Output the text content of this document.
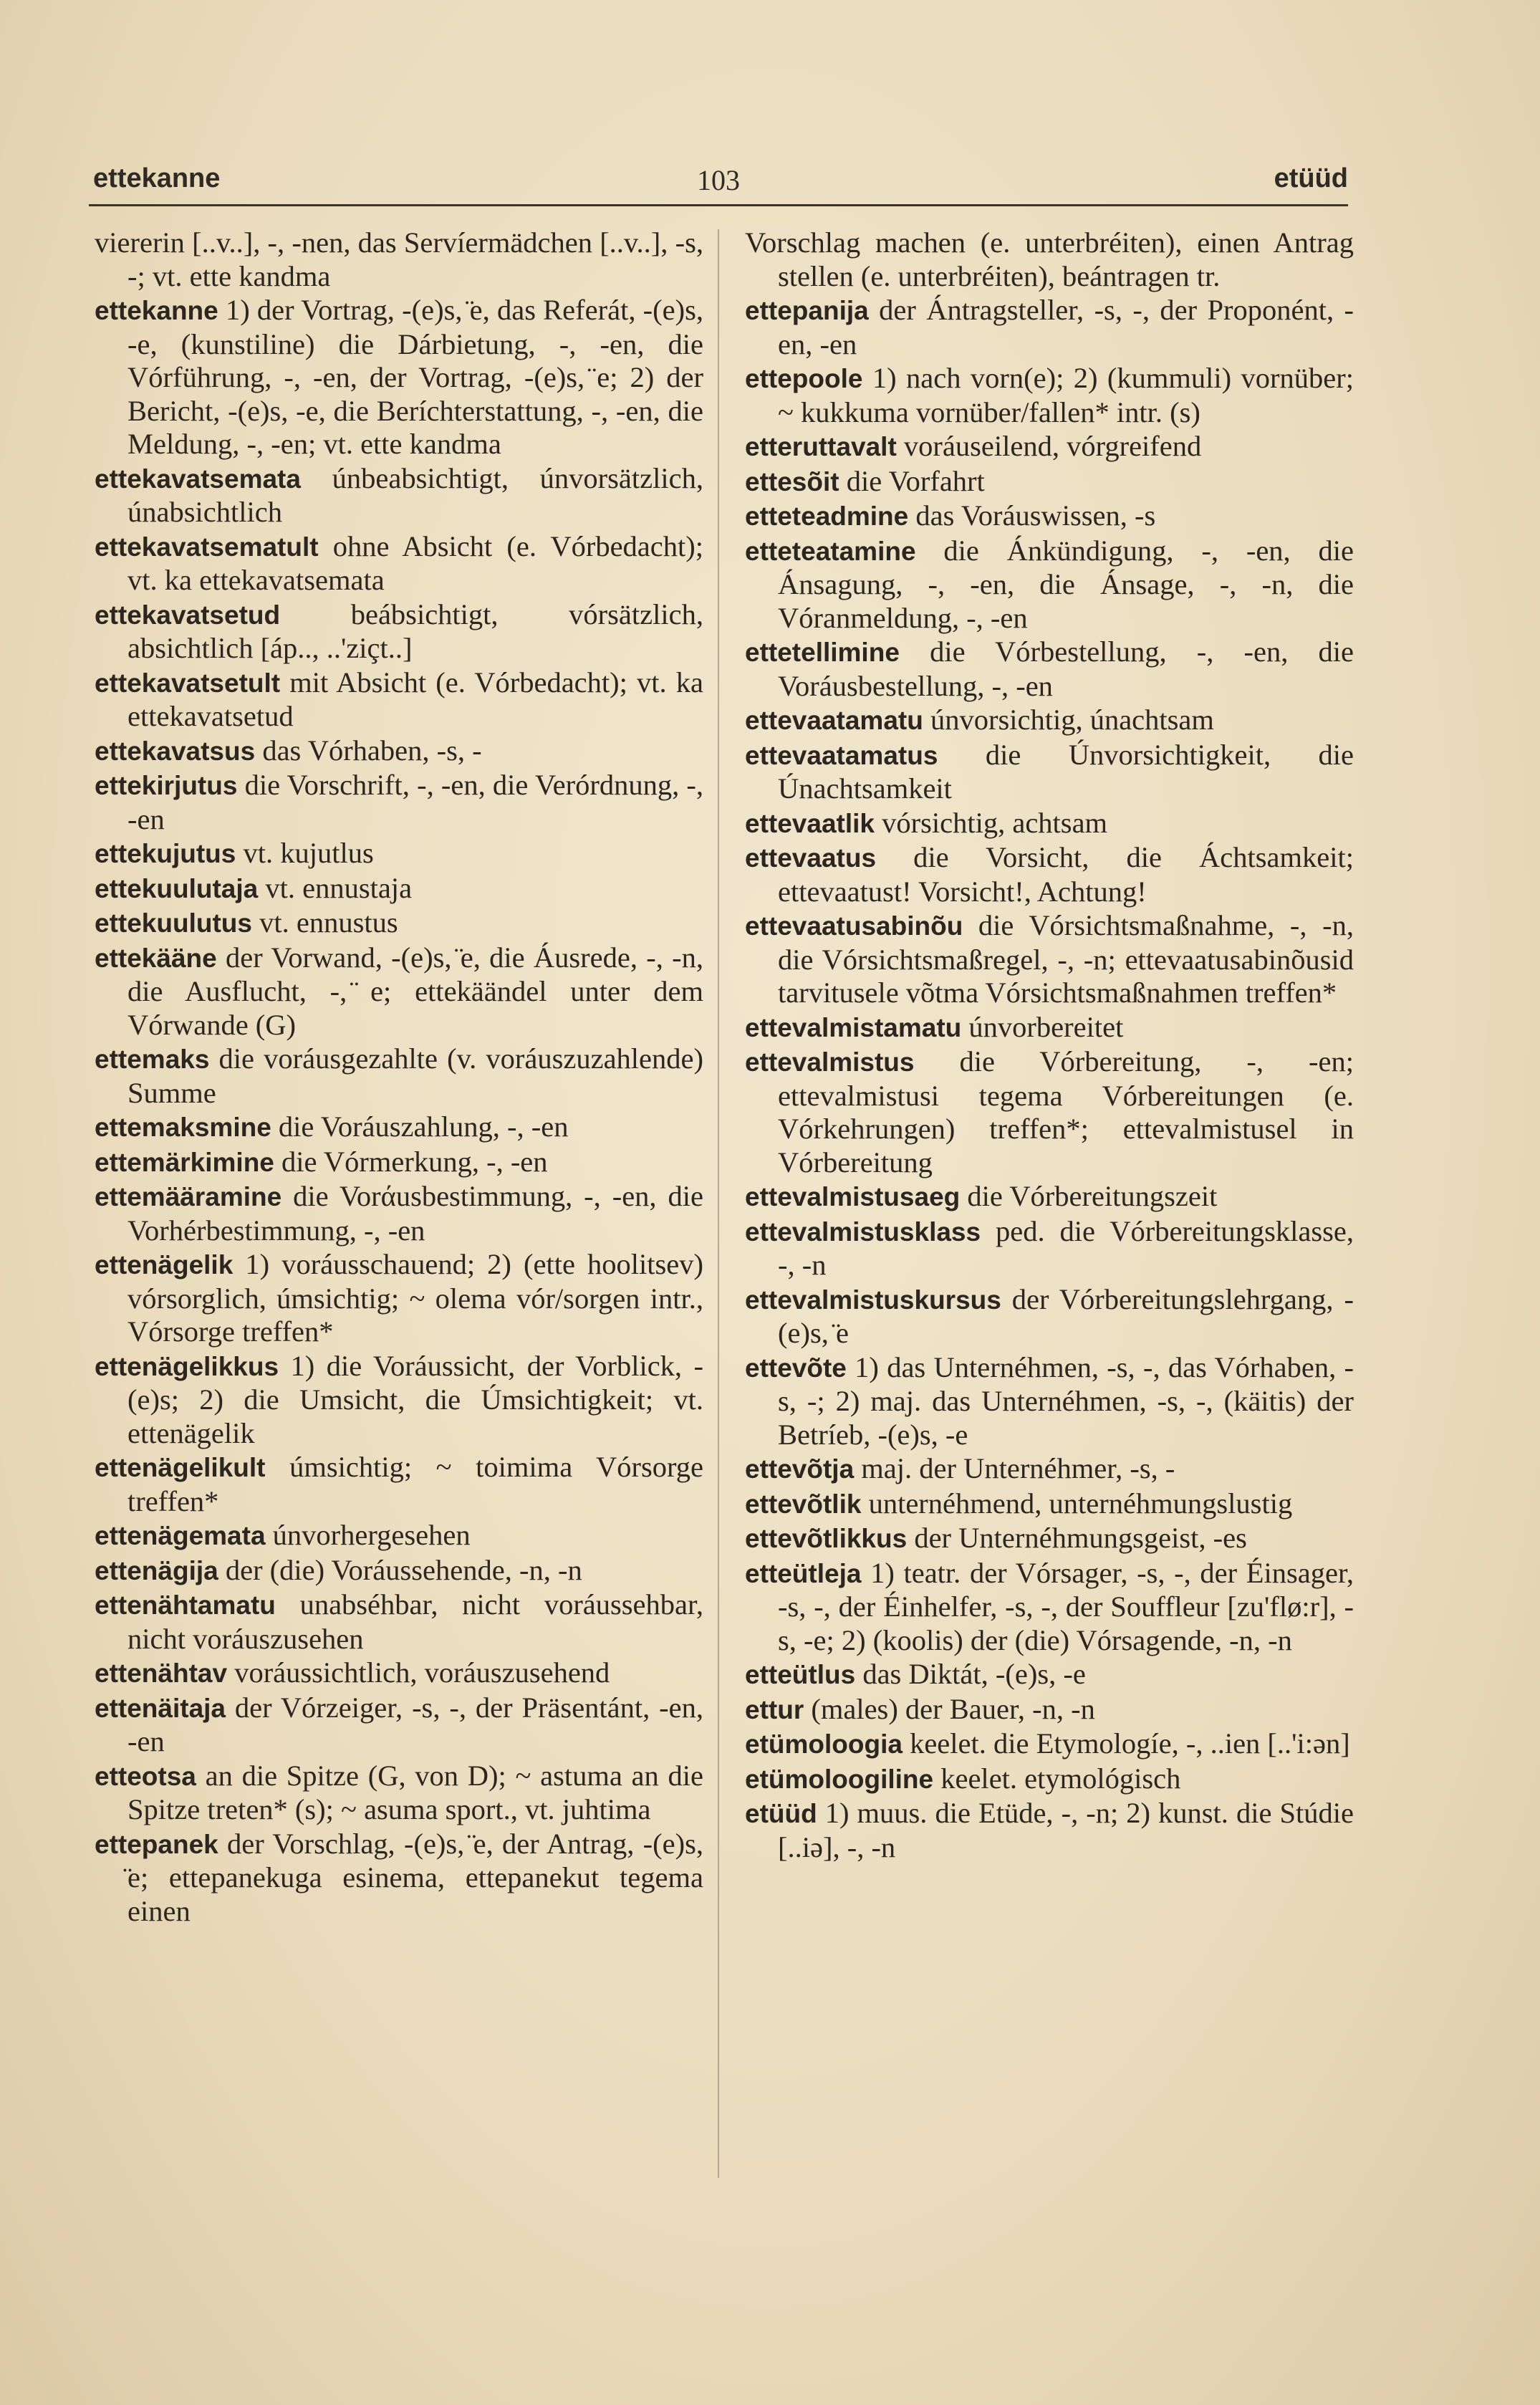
ettekanne	103	etüüd

viererin [..v..], -, -nen, das Servíermädchen [..v..], -s, -; vt. ette kandma

ettekanne 1) der Vortrag, -(e)s, ̈e, das Referát, -(e)s, -e, (kunstiline) die Dárbietung, -, -en, die Vórführung, -, -en, der Vortrag, -(e)s, ̈e; 2) der Bericht, -(e)s, -e, die Beríchterstattung, -, -en, die Meldung, -, -en; vt. ette kandma

ettekavatsemata únbeabsichtigt, únvorsätzlich, únabsichtlich

ettekavatsematult ohne Absicht (e. Vórbedacht); vt. ka ettekavatsemata

ettekavatsetud beábsichtigt, vórsätzlich, absichtlich [áp.., ..'ziçt..]

ettekavatsetult mit Absicht (e. Vórbedacht); vt. ka ettekavatsetud

ettekavatsus das Vórhaben, -s, -

ettekirjutus die Vorschrift, -, -en, die Verórdnung, -, -en

ettekujutus vt. kujutlus

ettekuulutaja vt. ennustaja

ettekuulutus vt. ennustus

ettekääne der Vorwand, -(e)s, ̈e, die Áusrede, -, -n, die Ausflucht, -, ̈e; ettekäändel unter dem Vórwande (G)

ettemaks die voráusgezahlte (v. voráuszuzahlende) Summe

ettemaksmine die Voráuszahlung, -, -en

ettemärkimine die Vórmerkung, -, -en

ettemääramine die Vorάusbestimmung, -, -en, die Vorhérbestimmung, -, -en

ettenägelik 1) voráusschauend; 2) (ette hoolitsev) vórsorglich, úmsichtig; ~ olema vór/sorgen intr., Vórsorge treffen*

ettenägelikkus 1) die Voráussicht, der Vorblick, -(e)s; 2) die Umsicht, die Úmsichtigkeit; vt. ettenägelik

ettenägelikult úmsichtig; ~ toimima Vórsorge treffen*

ettenägemata únvorhergesehen

ettenägija der (die) Voráussehende, -n, -n

ettenähtamatu unabséhbar, nicht voráussehbar, nicht voráuszusehen

ettenähtav voráussichtlich, voráuszusehend

ettenäitaja der Vórzeiger, -s, -, der Präsentánt, -en, -en

etteotsa an die Spitze (G, von D); ~ astuma an die Spitze treten* (s); ~ asuma sport., vt. juhtima

ettepanek der Vorschlag, -(e)s, ̈e, der Antrag, -(e)s, ̈e; ettepanekuga esinema, ettepanekut tegema einen

Vorschlag machen (e. unterbréiten), einen Antrag stellen (e. unterbréiten), beántragen tr.

ettepanija der Ántragsteller, -s, -, der Proponént, -en, -en

ettepoole 1) nach vorn(e); 2) (kummuli) vornüber; ~ kukkuma vornüber/fallen* intr. (s)

etteruttavalt voráuseilend, vórgreifend

ettesõit die Vorfahrt

etteteadmine das Voráuswissen, -s

etteteatamine die Ánkündigung, -, -en, die Ánsagung, -, -en, die Ánsage, -, -n, die Vóranmeldung, -, -en

ettetellimine die Vórbestellung, -, -en, die Voráusbestellung, -, -en

ettevaatamatu únvorsichtig, únachtsam

ettevaatamatus die Únvorsichtigkeit, die Únachtsamkeit

ettevaatlik vórsichtig, achtsam

ettevaatus die Vorsicht, die Áchtsamkeit; ettevaatust! Vorsicht!, Achtung!

ettevaatusabinõu die Vórsichtsmaßnahme, -, -n, die Vórsichtsmaßregel, -, -n; ettevaatusabinõusid tarvitusele võtma Vórsichtsmaßnahmen treffen*

ettevalmistamatu únvorbereitet

ettevalmistus die Vórbereitung, -, -en; ettevalmistusi tegema Vórbereitungen (e. Vórkehrungen) treffen*; ettevalmistusel in Vórbereitung

ettevalmistusaeg die Vórbereitungszeit

ettevalmistusklass ped. die Vórbereitungsklasse, -, -n

ettevalmistuskursus der Vórbereitungslehrgang, -(e)s, ̈e

ettevõte 1) das Unternéhmen, -s, -, das Vórhaben, -s, -; 2) maj. das Unternéhmen, -s, -, (käitis) der Betríeb, -(e)s, -e

ettevõtja maj. der Unternéhmer, -s, -

ettevõtlik unternéhmend, unternéhmungslustig

ettevõtlikkus der Unternéhmungsgeist, -es

etteütleja 1) teatr. der Vórsager, -s, -, der Éinsager, -s, -, der Éinhelfer, -s, -, der Souffleur [zu'flø:r], -s, -e; 2) (koolis) der (die) Vórsagende, -n, -n

etteütlus das Diktát, -(e)s, -e

ettur (males) der Bauer, -n, -n

etümoloogia keelet. die Etymologíe, -, ..ien [..'i:ən]

etümoloogiline keelet. etymológisch

etüüd 1) muus. die Etüde, -, -n; 2) kunst. die Stúdie [..iə], -, -n
